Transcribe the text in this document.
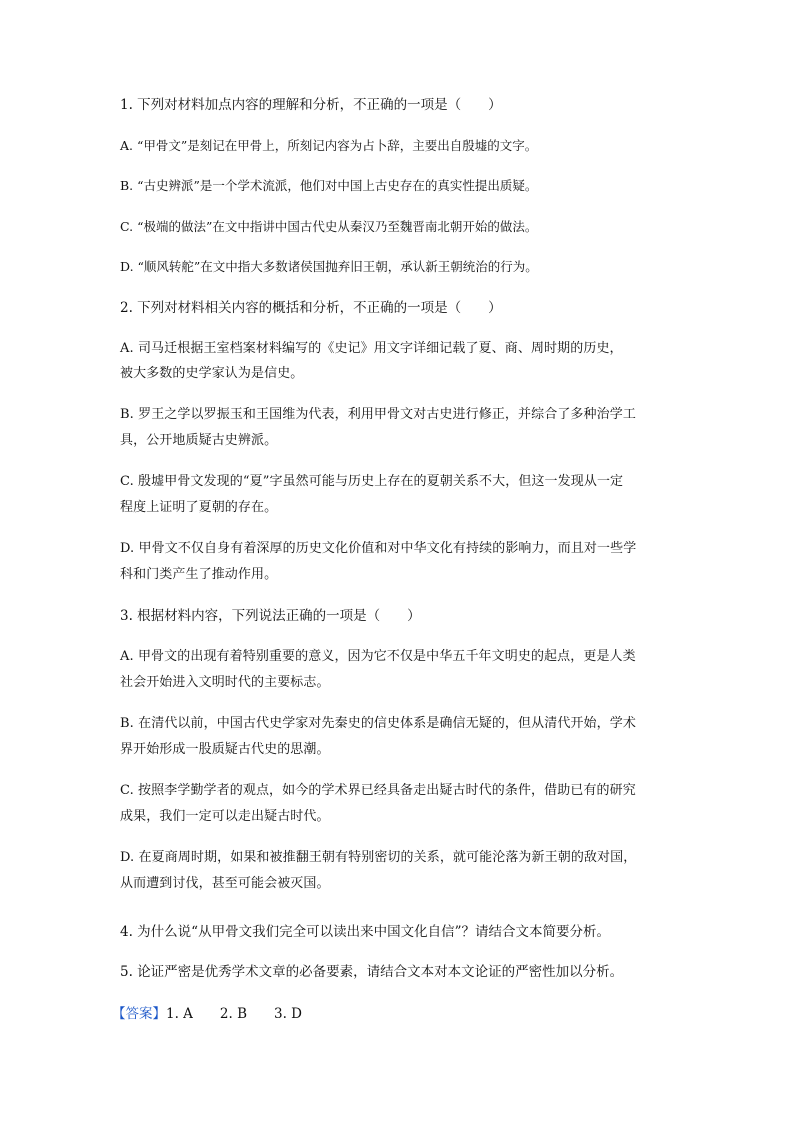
1. 下列对材料加点内容的理解和分析，不正确的一项是（　　）
A. “甲骨文”是刻记在甲骨上，所刻记内容为占卜辞，主要出自殷墟的文字。
B. “古史辨派”是一个学术流派，他们对中国上古史存在的真实性提出质疑。
C. “极端的做法”在文中指讲中国古代史从秦汉乃至魏晋南北朝开始的做法。
D. “顺风转舵”在文中指大多数诸侯国抛弃旧王朝，承认新王朝统治的行为。
2. 下列对材料相关内容的概括和分析，不正确的一项是（　　）
A. 司马迁根据王室档案材料编写的《史记》用文字详细记载了夏、商、周时期的历史，
被大多数的史学家认为是信史。
B. 罗王之学以罗振玉和王国维为代表，利用甲骨文对古史进行修正，并综合了多种治学工
具，公开地质疑古史辨派。
C. 殷墟甲骨文发现的“夏”字虽然可能与历史上存在的夏朝关系不大，但这一发现从一定
程度上证明了夏朝的存在。
D. 甲骨文不仅自身有着深厚的历史文化价值和对中华文化有持续的影响力，而且对一些学
科和门类产生了推动作用。
3. 根据材料内容，下列说法正确的一项是（　　）
A. 甲骨文的出现有着特别重要的意义，因为它不仅是中华五千年文明史的起点，更是人类
社会开始进入文明时代的主要标志。
B. 在清代以前，中国古代史学家对先秦史的信史体系是确信无疑的，但从清代开始，学术
界开始形成一股质疑古代史的思潮。
C. 按照李学勤学者的观点，如今的学术界已经具备走出疑古时代的条件，借助已有的研究
成果，我们一定可以走出疑古时代。
D. 在夏商周时期，如果和被推翻王朝有特别密切的关系，就可能沦落为新王朝的敌对国，
从而遭到讨伐，甚至可能会被灭国。
4. 为什么说“从甲骨文我们完全可以读出来中国文化自信”？请结合文本简要分析。
5. 论证严密是优秀学术文章的必备要素，请结合文本对本文论证的严密性加以分析。
【答案】1. A　　2. B　　3. D
